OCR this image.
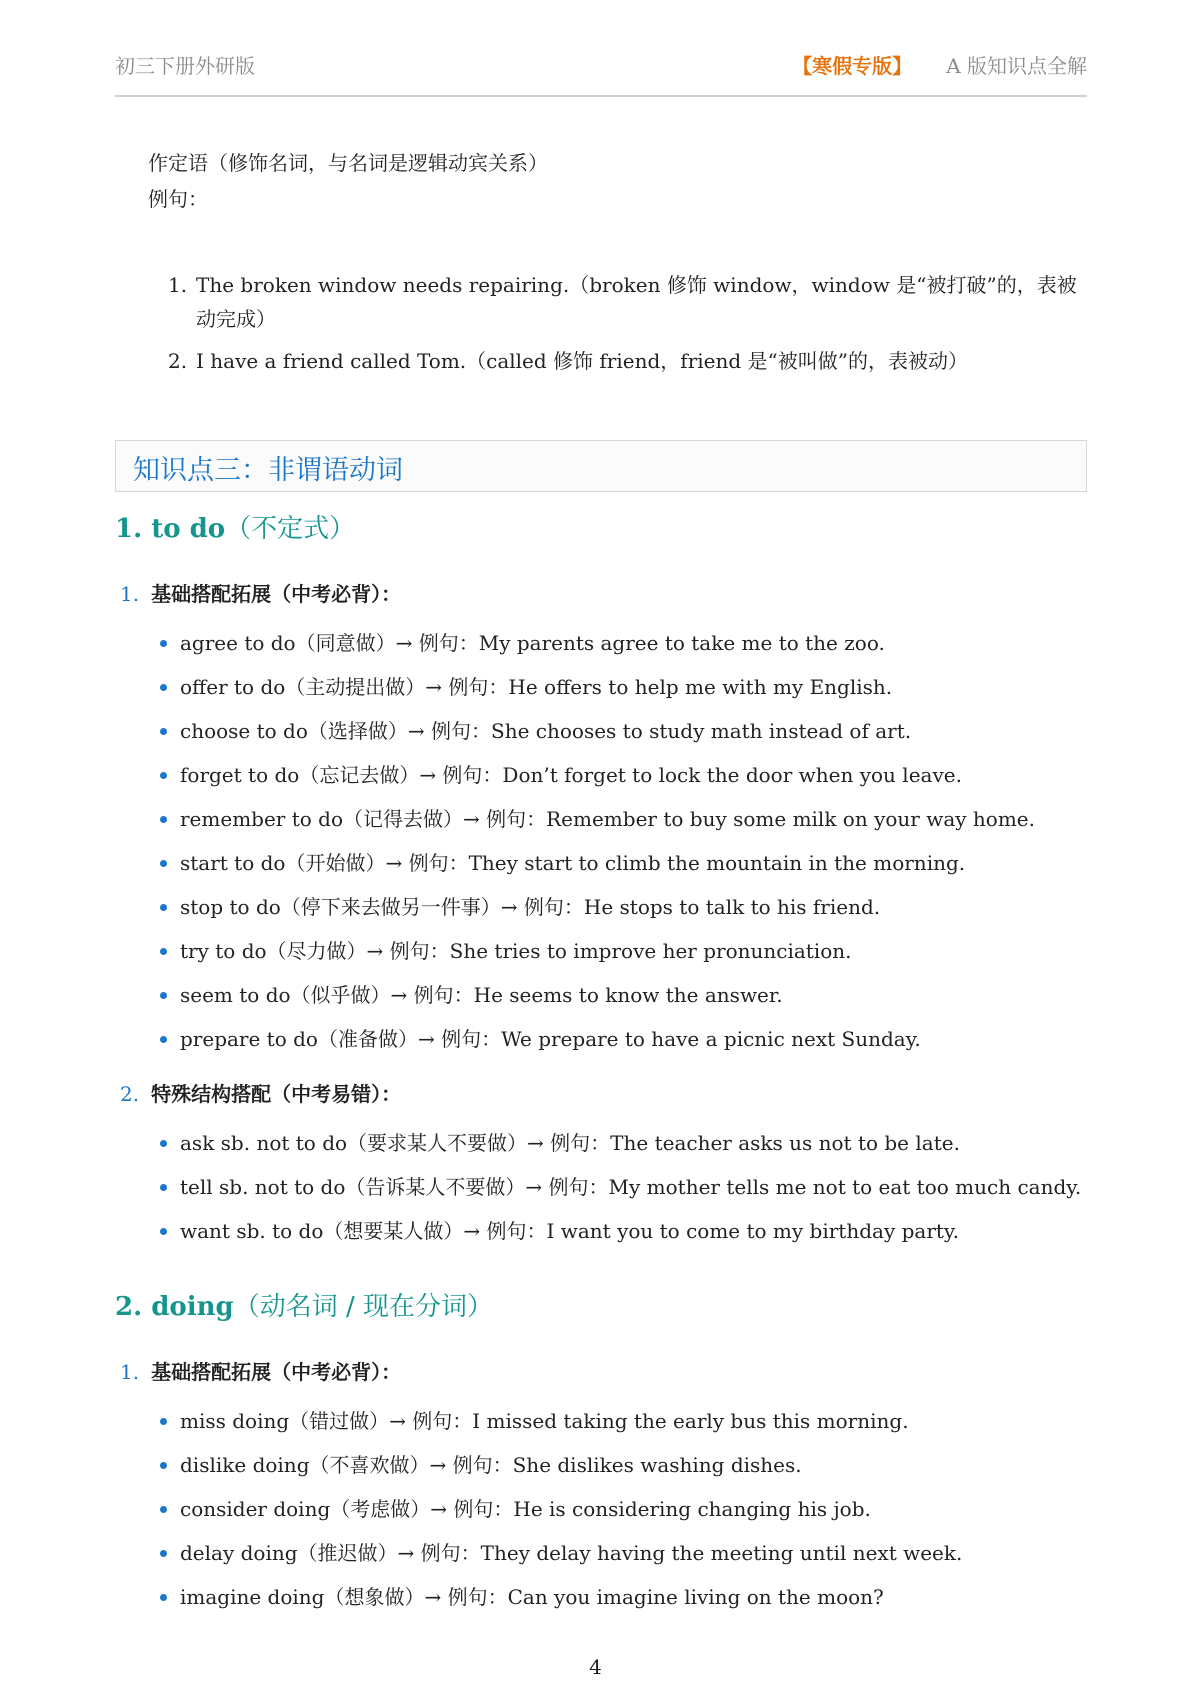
初三下册外研版	【寒假专版】 A 版知识点全解
作定语（修饰名词，与名词是逻辑动宾关系）
例句：
1. The broken window needs repairing.（broken 修饰 window，window 是“被打破”的，表被动完成）
2. I have a friend called Tom.（called 修饰 friend，friend 是“被叫做”的，表被动）
知识点三：非谓语动词
1. to do（不定式）
1. 基础搭配拓展（中考必背）：
agree to do（同意做）→ 例句：My parents agree to take me to the zoo.
offer to do（主动提出做）→ 例句：He offers to help me with my English.
choose to do（选择做）→ 例句：She chooses to study math instead of art.
forget to do（忘记去做）→ 例句：Don’t forget to lock the door when you leave.
remember to do（记得去做）→ 例句：Remember to buy some milk on your way home.
start to do（开始做）→ 例句：They start to climb the mountain in the morning.
stop to do（停下来去做另一件事）→ 例句：He stops to talk to his friend.
try to do（尽力做）→ 例句：She tries to improve her pronunciation.
seem to do（似乎做）→ 例句：He seems to know the answer.
prepare to do（准备做）→ 例句：We prepare to have a picnic next Sunday.
2. 特殊结构搭配（中考易错）：
ask sb. not to do（要求某人不要做）→ 例句：The teacher asks us not to be late.
tell sb. not to do（告诉某人不要做）→ 例句：My mother tells me not to eat too much candy.
want sb. to do（想要某人做）→ 例句：I want you to come to my birthday party.
2. doing（动名词 / 现在分词）
1. 基础搭配拓展（中考必背）：
miss doing（错过做）→ 例句：I missed taking the early bus this morning.
dislike doing（不喜欢做）→ 例句：She dislikes washing dishes.
consider doing（考虑做）→ 例句：He is considering changing his job.
delay doing（推迟做）→ 例句：They delay having the meeting until next week.
imagine doing（想象做）→ 例句：Can you imagine living on the moon?
4
